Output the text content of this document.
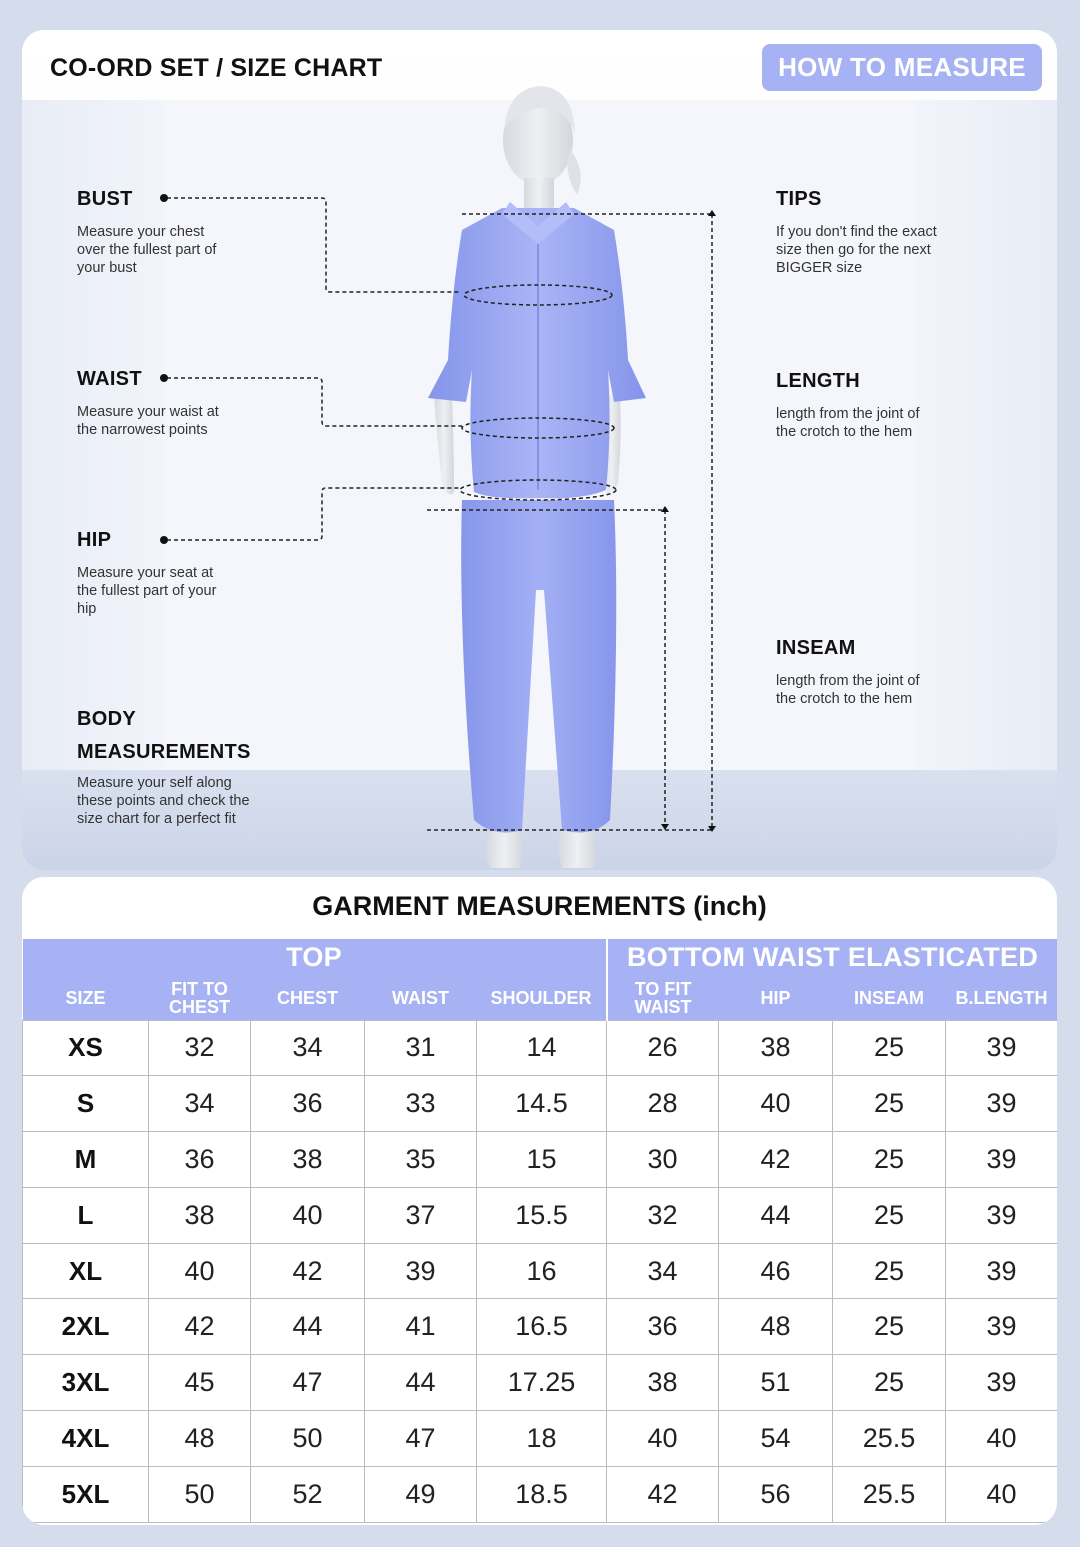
CO-ORD SET / SIZE CHART	HOW TO MEASURE
BUST

Measure your chest

over the fullest part of

your bust

WAIST

Measure your waist at

the narrowest points

HIP

Measure your seat at

the fullest part of your

hip

BODY
MEASUREMENTS

Measure your self along

these points and check the

size chart for a perfect fit

TIPS

If you don't find the exact

size then go for the next

BIGGER size

LENGTH

length from the joint of

the crotch to the hem

INSEAM

length from the joint of

the crotch to the hem

GARMENT MEASUREMENTS (inch)
TOP					BOTTOM WAIST ELASTICATED			
SIZE	FIT TO CHEST	CHEST	WAIST	SHOULDER	TO FIT WAIST	HIP	INSEAM	B.LENGTH
XS	32	34	31	14	26	38	25	39
S	34	36	33	14.5	28	40	25	39
M	36	38	35	15	30	42	25	39
L	38	40	37	15.5	32	44	25	39
XL	40	42	39	16	34	46	25	39
2XL	42	44	41	16.5	36	48	25	39
3XL	45	47	44	17.25	38	51	25	39
4XL	48	50	47	18	40	54	25.5	40
5XL	50	52	49	18.5	42	56	25.5	40
